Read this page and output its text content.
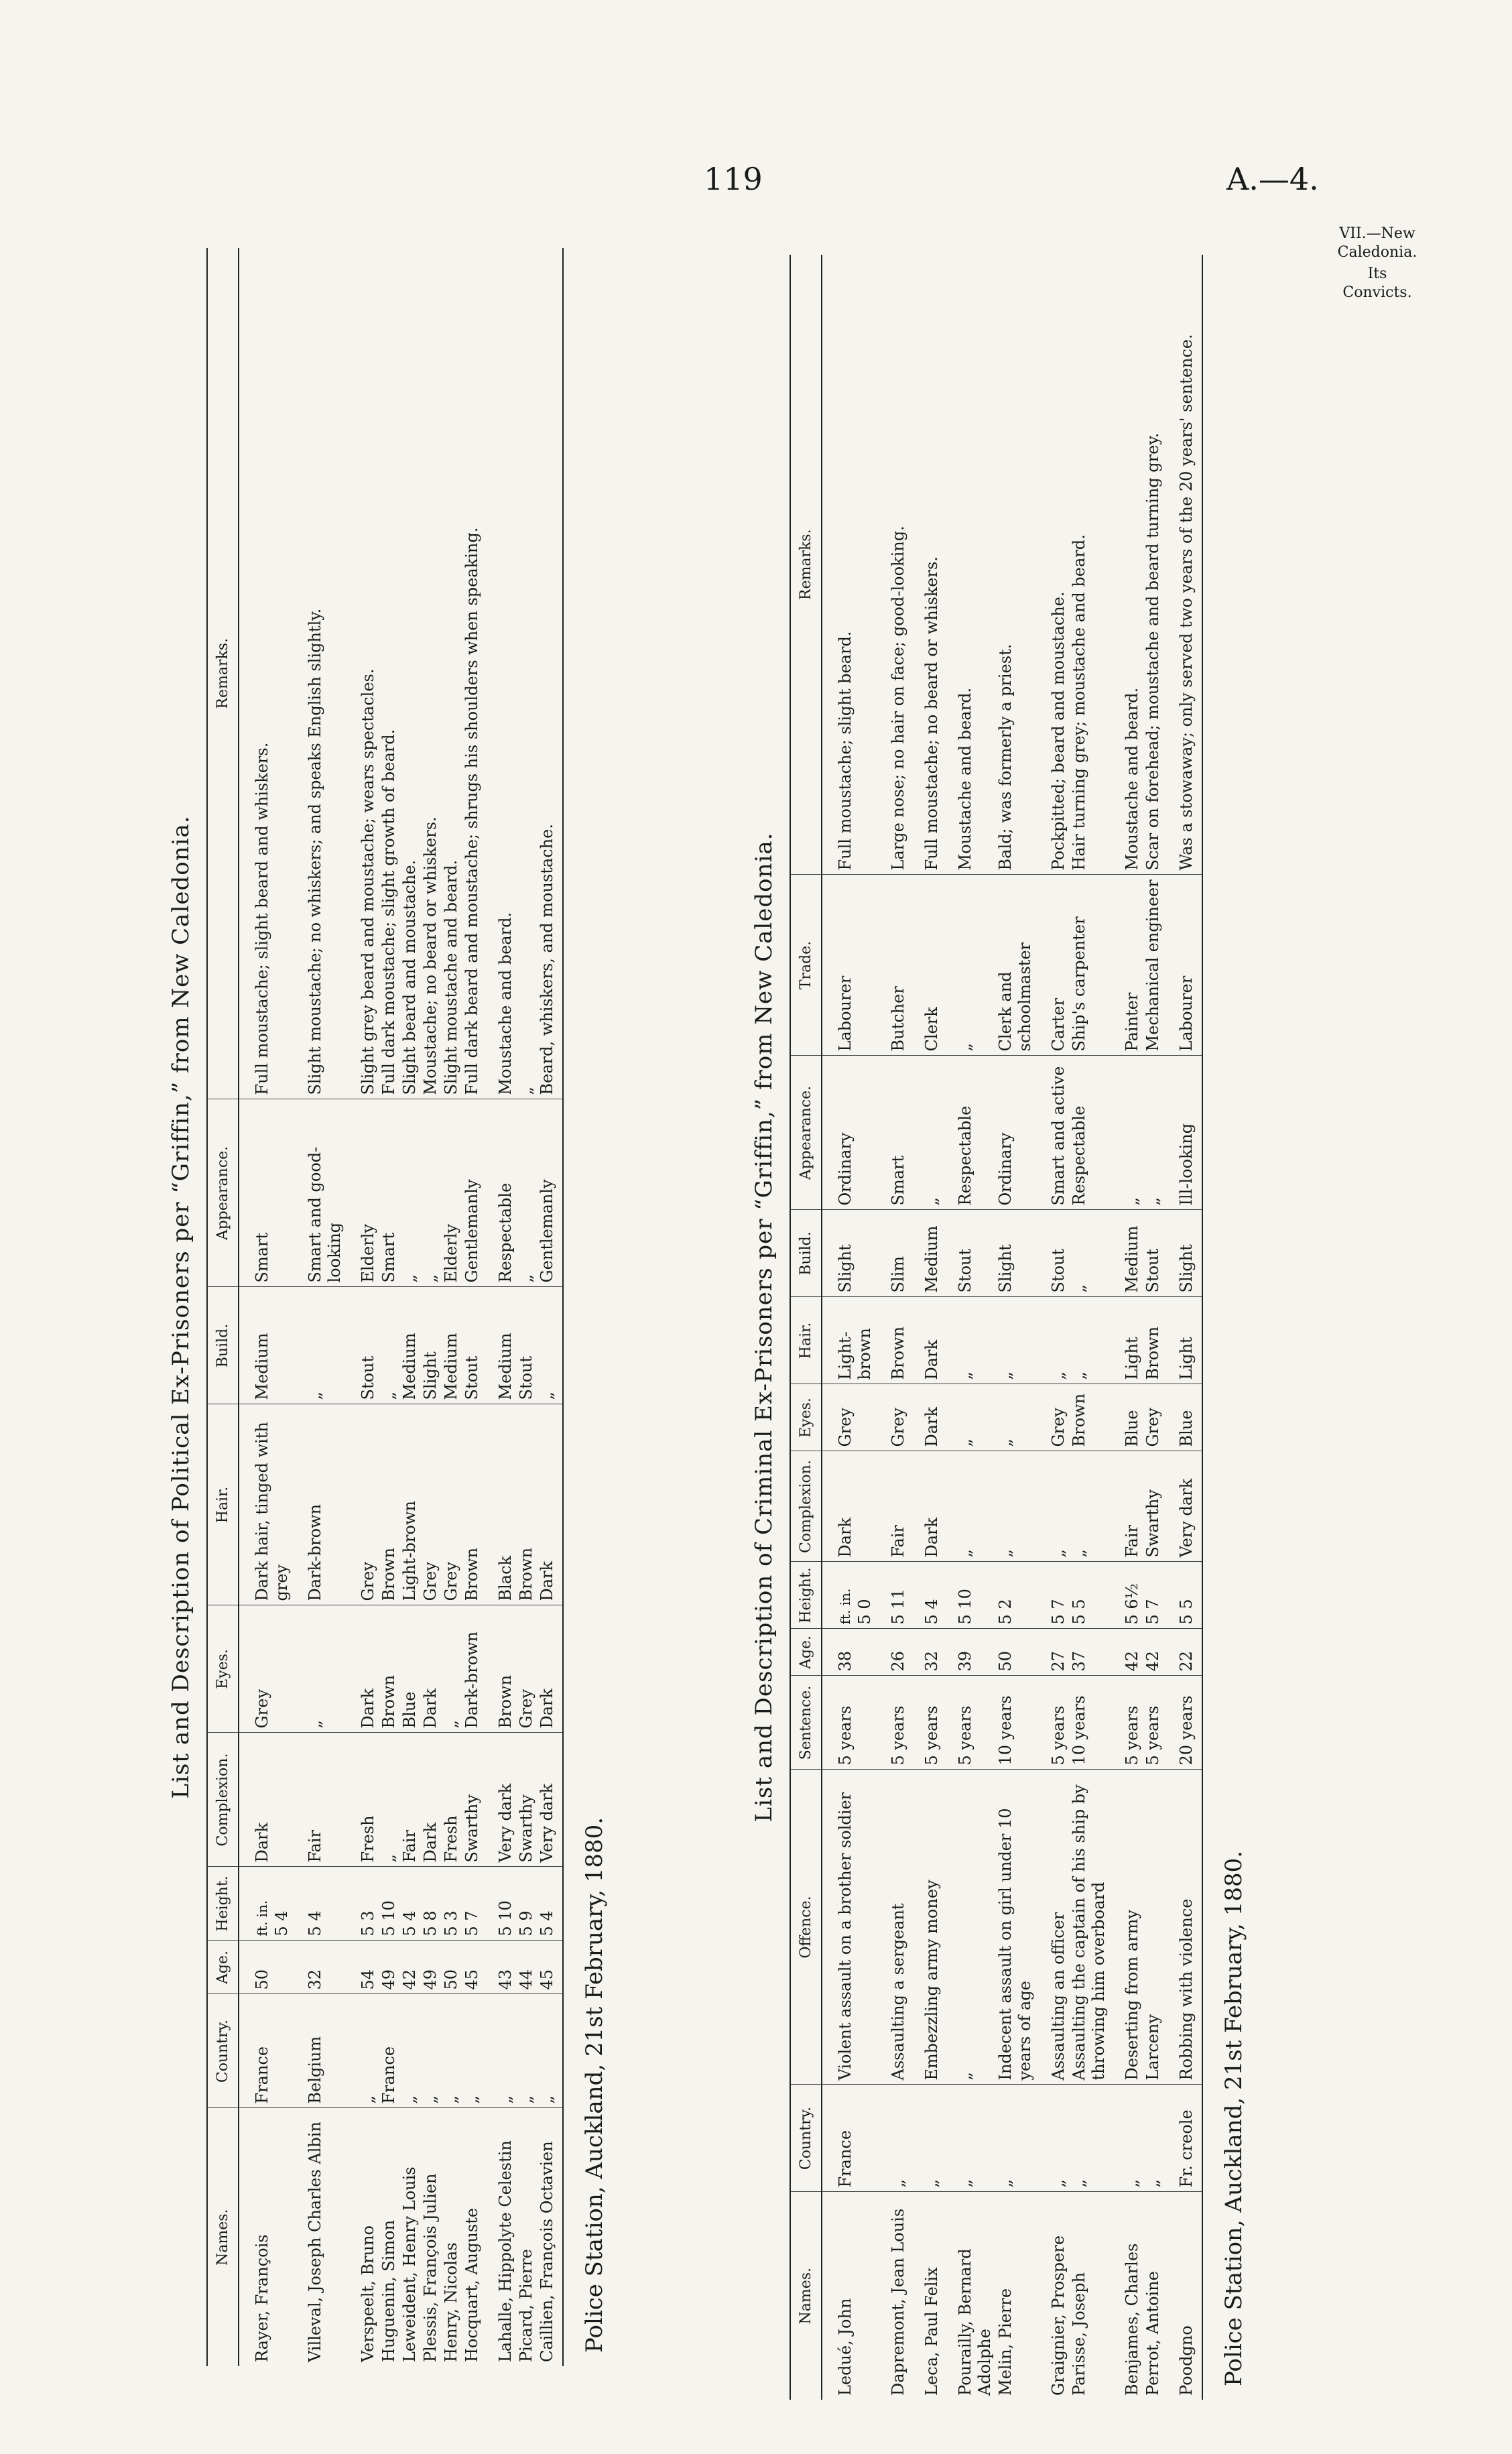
119	A.—4.
VII.—New Caledonia.
Its Convicts.
List and Description of Political Ex-Prisoners per “Griffin,” from New Caledonia.
Names.	Country.	Age.	Height.	Complexion.	Eyes.	Hair.	Build.	Appearance.	Remarks.
Rayer, François	France	50	ft. in. 5 4	Dark	Grey	Dark hair, tinged with grey	Medium	Smart	Full moustache; slight beard and whiskers.
Villeval, Joseph Charles Albin	Belgium	32	5 4	Fair	„	Dark-brown	„	Smart and good-looking	Slight moustache; no whiskers; and speaks English slightly.
Verspeelt, Bruno	„	54	5 3	Fresh	Dark	Grey	Stout	Elderly	Slight grey beard and moustache; wears spectacles.
Huguenin, Simon	France	49	5 10	„	Brown	Brown	„	Smart	Full dark moustache; slight growth of beard.
Leweident, Henry Louis	„	42	5 4	Fair	Blue	Light-brown	Medium	„	Slight beard and moustache.
Plessis, François Julien	„	49	5 8	Dark	Dark	Grey	Slight	„	Moustache; no beard or whiskers.
Henry, Nicolas	„	50	5 3	Fresh	„	Grey	Medium	Elderly	Slight moustache and beard.
Hocquart, Auguste	„	45	5 7	Swarthy	Dark-brown	Brown	Stout	Gentlemanly	Full dark beard and moustache; shrugs his shoulders when speaking.
Lahalle, Hippolyte Celestin	„	43	5 10	Very dark	Brown	Black	Medium	Respectable	Moustache and beard.
Picard, Pierre	„	44	5 9	Swarthy	Grey	Brown	Stout	„	„
Caillien, François Octavien	„	45	5 4	Very dark	Dark	Dark	„	Gentlemanly	Beard, whiskers, and moustache.
Police Station, Auckland, 21st February, 1880.
List and Description of Criminal Ex-Prisoners per “Griffin,” from New Caledonia.
Names.	Country.	Offence.	Sentence.	Age.	Height.	Complexion.	Eyes.	Hair.	Build.	Appearance.	Trade.	Remarks.
Ledué, John	France	Violent assault on a brother soldier	5 years	38	ft. in. 5 0	Dark	Grey	Light-brown	Slight	Ordinary	Labourer	Full moustache; slight beard.
Dapremont, Jean Louis	„	Assaulting a sergeant	5 years	26	5 11	Fair	Grey	Brown	Slim	Smart	Butcher	Large nose; no hair on face; good-looking.
Leca, Paul Felix	„	Embezzling army money	5 years	32	5 4	Dark	Dark	Dark	Medium	„	Clerk	Full moustache; no beard or whiskers.
Pourailly, Bernard Adolphe	„	„	5 years	39	5 10	„	„	„	Stout	Respectable	„	Moustache and beard.
Melin, Pierre	„	Indecent assault on girl under 10 years of age	10 years	50	5 2	„	„	„	Slight	Ordinary	Clerk and schoolmaster	Bald; was formerly a priest.
Graignier, Prospere	„	Assaulting an officer	5 years	27	5 7	„	Grey	„	Stout	Smart and active	Carter	Pockpitted; beard and moustache.
Parisse, Joseph	„	Assaulting the captain of his ship by throwing him overboard	10 years	37	5 5	„	Brown	„	„	Respectable	Ship's carpenter	Hair turning grey; moustache and beard.
Benjames, Charles	„	Deserting from army	5 years	42	5 6½	Fair	Blue	Light	Medium	„	Painter	Moustache and beard.
Perrot, Antoine	„	Larceny	5 years	42	5 7	Swarthy	Grey	Brown	Stout	„	Mechanical engineer	Scar on forehead; moustache and beard turning grey.
Poodgno	Fr. creole	Robbing with violence	20 years	22	5 5	Very dark	Blue	Light	Slight	Ill-looking	Labourer	Was a stowaway; only served two years of the 20 years' sentence.
Police Station, Auckland, 21st February, 1880.
